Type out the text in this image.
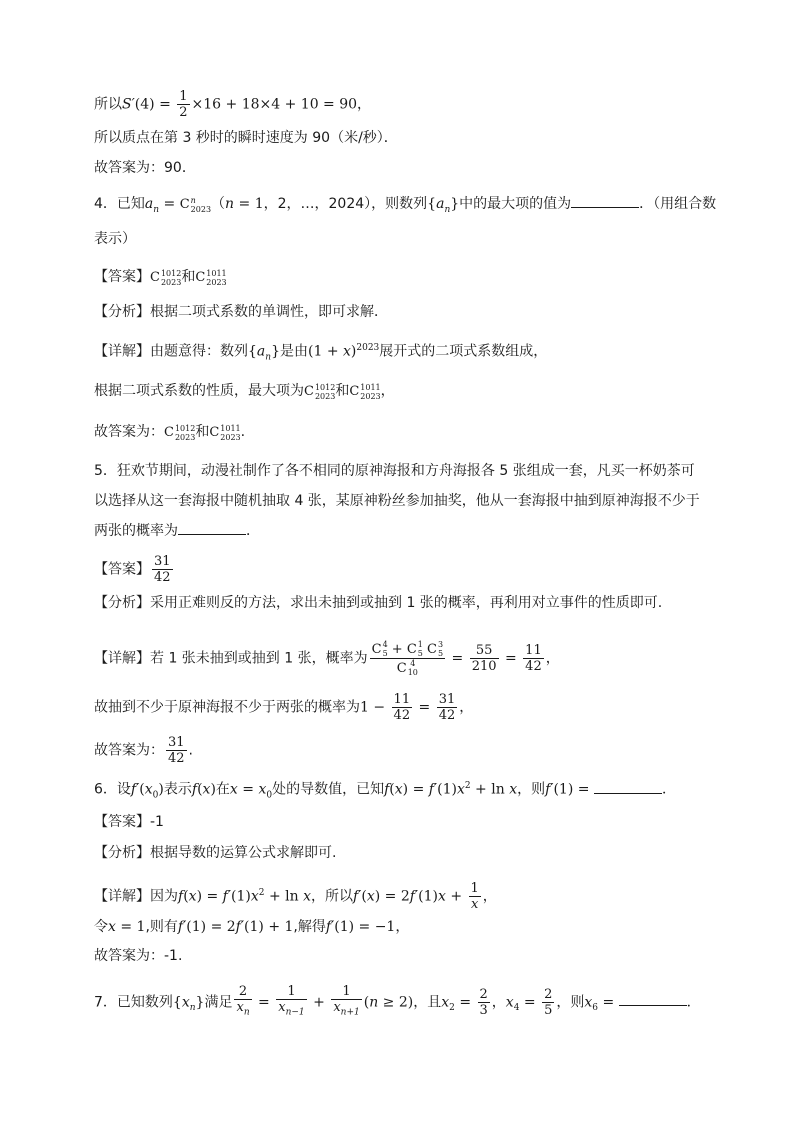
所以$S'(4) = \frac{1}{2} \times 16 + 18\times 4 + 10 = 90$，
所以质点在第 3 秒时的瞬时速度为 90（米/秒）．
故答案为：90．
4．已知$a_n = C$ n
2023 （n = 1，2，…，2024），则数列$\{a_n\}$中的最大项的值为	．（用组合数
表示）
【答案】C 1012
2023 和C 1011
2023
【分析】根据二项式系数的单调性，即可求解．
【详解】由题意得：数列$\{a_n\}$是由$(1 + x)^{2023}$展开式的二项式系数组成，
根据二项式系数的性质，最大项为C 1012
2023 和C 1011
2023 ，
故答案为：C 1012
2023 和C 1011
2023 .
5．狂欢节期间，动漫社制作了各不相同的原神海报和方舟海报各 5 张组成一套，凡买一杯奶茶可以选择从这一套海报中随机抽取 4 张，某原神粉丝参加抽奖，他从一套海报中抽到原神海报不少于两张的概率为	．
【答案】 $\frac{31}{42}$
【分析】采用正难则反的方法，求出未抽到或抽到 1 张的概率，再利用对立事件的性质即可.
【详解】若 1 张未抽到或抽到 1 张，概率为 C 4
5 + C 1
5 C 3
5
C 4
$10 = \frac{55}{210} = \frac{11}{42}$ ，
故抽到不少于原神海报不少于两张的概率为$1 - \frac{11}{42} = \frac{31}{42}$ ，
故答案为： $\frac{31}{42}$ .
6．设$f'(x_0)$表示f(x)在$x = x_0$处的导数值，已知$f(x) = f'(1)x^2 + \ln x$，则f′(1) =	．
【答案】-1
【分析】根据导数的运算公式求解即可.
【详解】因为$f(x) = f'(1)x^2 + \ln x$，所以$f'(x) = 2f'(1)x + \frac{1}{x}$ ，
令x = 1,则有f′(1) = 2f′(1) + 1,解得f′(1) = −1，
故答案为：-1.
7．已知数列$\{x_n\}$满足 $\frac{2}{x_n} = \frac{1}{x_{n-1}} + \frac{1}{x_{n+1}} (n \ge 2)$，且$x_2 = \frac{2}{3}$ ，$x_4 = \frac{2}{5}$ ，则$x_6$ =	．
